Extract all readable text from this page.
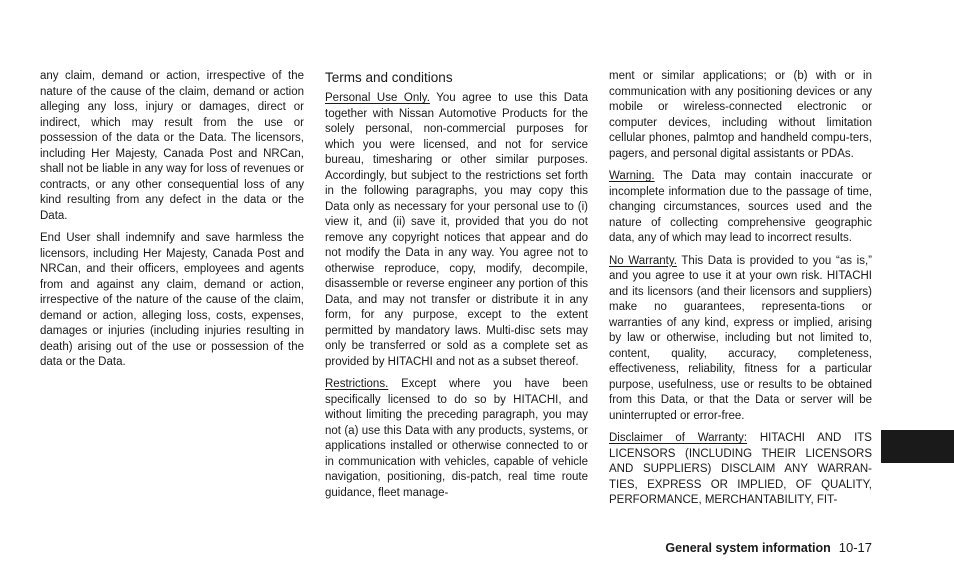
any claim, demand or action, irrespective of the nature of the cause of the claim, demand or action alleging any loss, injury or damages, direct or indirect, which may result from the use or possession of the data or the Data. The licensors, including Her Majesty, Canada Post and NRCan, shall not be liable in any way for loss of revenues or contracts, or any other consequential loss of any kind resulting from any defect in the data or the Data.

End User shall indemnify and save harmless the licensors, including Her Majesty, Canada Post and NRCan, and their officers, employees and agents from and against any claim, demand or action, irrespective of the nature of the cause of the claim, demand or action, alleging loss, costs, expenses, damages or injuries (including injuries resulting in death) arising out of the use or possession of the data or the Data.

Terms and conditions

Personal Use Only. You agree to use this Data together with Nissan Automotive Products for the solely personal, non-commercial purposes for which you were licensed, and not for service bureau, timesharing or other similar purposes. Accordingly, but subject to the restrictions set forth in the following paragraphs, you may copy this Data only as necessary for your personal use to (i) view it, and (ii) save it, provided that you do not remove any copyright notices that appear and do not modify the Data in any way. You agree not to otherwise reproduce, copy, modify, decompile, disassemble or reverse engineer any portion of this Data, and may not transfer or distribute it in any form, for any purpose, except to the extent permitted by mandatory laws. Multi-disc sets may only be transferred or sold as a complete set as provided by HITACHI and not as a subset thereof.

Restrictions. Except where you have been specifically licensed to do so by HITACHI, and without limiting the preceding paragraph, you may not (a) use this Data with any products, systems, or applications installed or otherwise connected to or in communication with vehicles, capable of vehicle navigation, positioning, dis-patch, real time route guidance, fleet manage-

ment or similar applications; or (b) with or in communication with any positioning devices or any mobile or wireless-connected electronic or computer devices, including without limitation cellular phones, palmtop and handheld compu-ters, pagers, and personal digital assistants or PDAs.

Warning. The Data may contain inaccurate or incomplete information due to the passage of time, changing circumstances, sources used and the nature of collecting comprehensive geographic data, any of which may lead to incorrect results.

No Warranty. This Data is provided to you “as is,” and you agree to use it at your own risk. HITACHI and its licensors (and their licensors and suppliers) make no guarantees, representa-tions or warranties of any kind, express or implied, arising by law or otherwise, including but not limited to, content, quality, accuracy, completeness, effectiveness, reliability, fitness for a particular purpose, usefulness, use or results to be obtained from this Data, or that the Data or server will be uninterrupted or error-free.

Disclaimer of Warranty: HITACHI AND ITS LICENSORS (INCLUDING THEIR LICENSORS AND SUPPLIERS) DISCLAIM ANY WARRAN-TIES, EXPRESS OR IMPLIED, OF QUALITY, PERFORMANCE, MERCHANTABILITY, FIT-

General system information 10-17
